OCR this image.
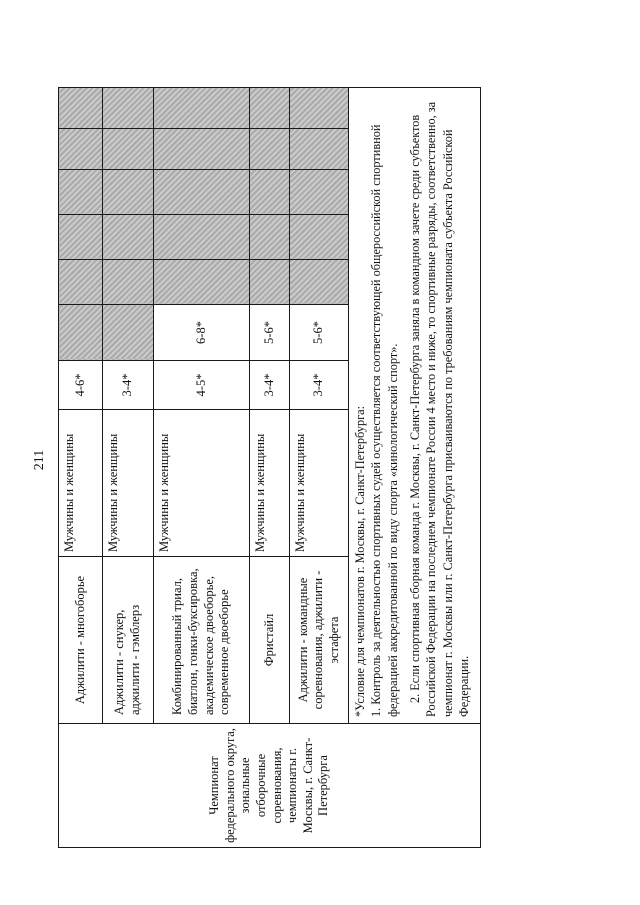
211
Чемпионат федерального округа, зональные отборочные соревнования, чемпионаты г. Москвы, г. Санкт-Петербурга	Аджилити - многоборье	Мужчины и женщины	4-6*						
	Аджилити - снукер, аджилити - гэмблерз	Мужчины и женщины	3-4*						
	Комбинированный триал, биатлон, гонки-буксировка, академическое двоеборье, современное двоеборье	Мужчины и женщины	4-5*	6-8*					
	Фристайл	Мужчины и женщины	3-4*	5-6*					
	Аджилити - командные соревнования, аджилити - эстафета	Мужчины и женщины	3-4*	5-6*					

	*Условие для чемпионатов г. Москвы, г. Санкт-Петербурга: 1. Контроль за деятельностью спортивных судей осуществляется соответствующей общероссийской спортивной федерацией аккредитованной по виду спорта «кинологический спорт». 2. Если спортивная сборная команда г. Москвы, г. Санкт-Петербурга заняла в командном зачете среди субъектов Российской Федерации на последнем чемпионате России 4 место и ниже, то спортивные разряды, соответственно, за чемпионат г. Москвы или г. Санкт-Петербурга присваиваются по требованиям чемпионата субъекта Российской Федерации.								
